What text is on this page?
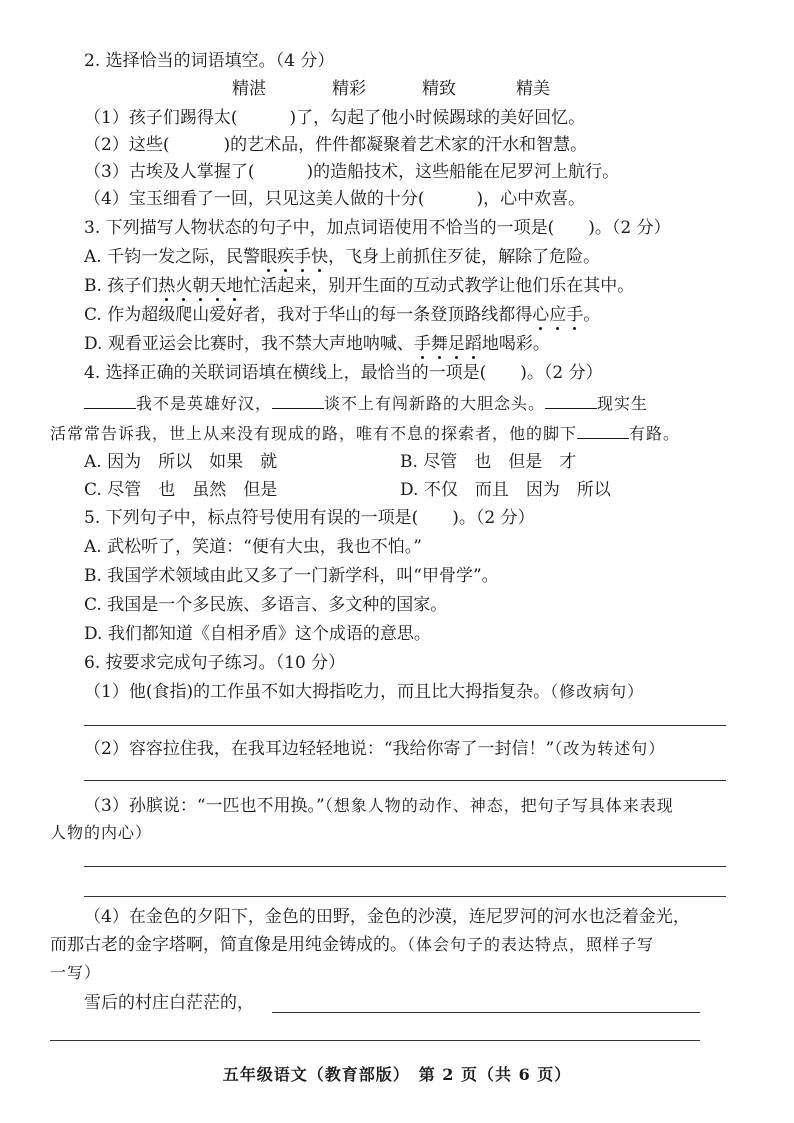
2. 选择恰当的词语填空。（4 分）
精湛	精彩	精致	精美
（1）孩子们踢得太(	)了，勾起了他小时候踢球的美好回忆。
（2）这些(	)的艺术品，件件都凝聚着艺术家的汗水和智慧。
（3）古埃及人掌握了(	)的造船技术，这些船能在尼罗河上航行。
（4）宝玉细看了一回，只见这美人做的十分(	)，心中欢喜。
3. 下列描写人物状态的句子中，加点词语使用不恰当的一项是( )。（2 分）
A. 千钧一发之际，民警眼疾手快，飞身上前抓住歹徒，解除了危险。
B. 孩子们热火朝天地忙活起来，别开生面的互动式教学让他们乐在其中。
C. 作为超级爬山爱好者，我对于华山的每一条登顶路线都得心应手。
D. 观看亚运会比赛时，我不禁大声地呐喊、手舞足蹈地喝彩。
4. 选择正确的关联词语填在横线上，最恰当的一项是( )。（2 分）
我不是英雄好汉，	谈不上有闯新路的大胆念头。	现实生
活常常告诉我，世上从来没有现成的路，唯有不息的探索者，他的脚下	有路。
A. 因为　所以　如果　就	B. 尽管　也　但是　才
C. 尽管　也　虽然　但是	D. 不仅　而且　因为　所以
5. 下列句子中，标点符号使用有误的一项是( )。（2 分）
A. 武松听了，笑道：“便有大虫，我也不怕。”
B. 我国学术领域由此又多了一门新学科，叫“甲骨学”。
C. 我国是一个多民族、多语言、多文种的国家。
D. 我们都知道《自相矛盾》这个成语的意思。
6. 按要求完成句子练习。（10 分）
（1）他(食指)的工作虽不如大拇指吃力，而且比大拇指复杂。（修改病句）
（2）容容拉住我，在我耳边轻轻地说：“我给你寄了一封信！”（改为转述句）
（3）孙膑说：“一匹也不用换。”（想象人物的动作、神态，把句子写具体来表现
人物的内心）
（4）在金色的夕阳下，金色的田野，金色的沙漠，连尼罗河的河水也泛着金光，
而那古老的金字塔啊，简直像是用纯金铸成的。（体会句子的表达特点，照样子写
一写）
雪后的村庄白茫茫的，
五年级语文（教育部版）　第 2 页（共 6 页）
